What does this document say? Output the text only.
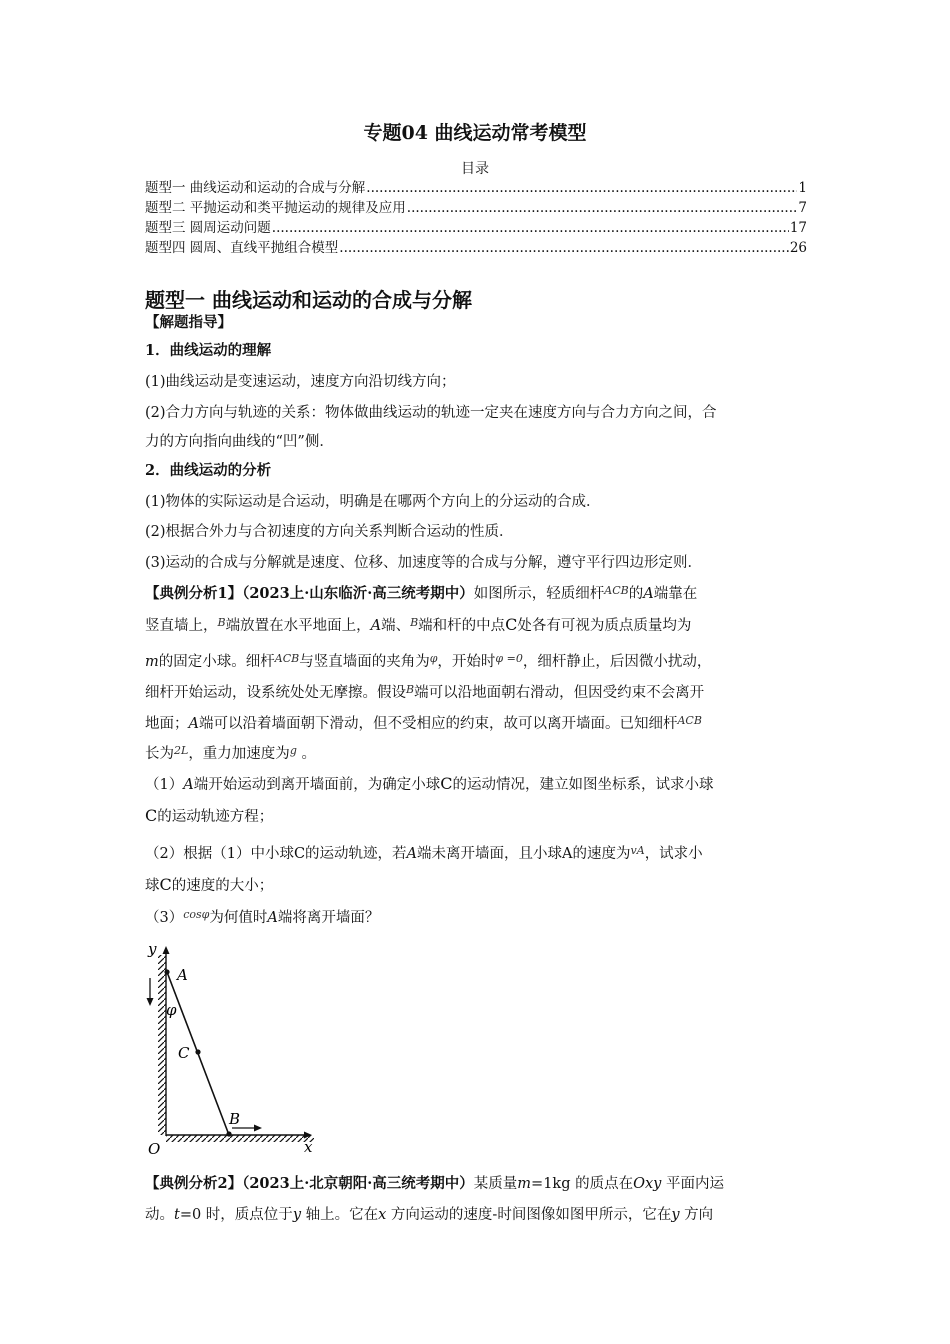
专题04 曲线运动常考模型
目录
题型一 曲线运动和运动的合成与分解 .....	1
题型二 平抛运动和类平抛运动的规律及应用 .....	7
题型三 圆周运动问题 .....	17
题型四 圆周、直线平抛组合模型 .....	26
题型一 曲线运动和运动的合成与分解
【解题指导】
1．曲线运动的理解
(1)曲线运动是变速运动，速度方向沿切线方向；
(2)合力方向与轨迹的关系：物体做曲线运动的轨迹一定夹在速度方向与合力方向之间，合
力的方向指向曲线的“凹”侧．
2．曲线运动的分析
(1)物体的实际运动是合运动，明确是在哪两个方向上的分运动的合成．
(2)根据合外力与合初速度的方向关系判断合运动的性质．
(3)运动的合成与分解就是速度、位移、加速度等的合成与分解，遵守平行四边形定则．
【典例分析1】（2023上·山东临沂·高三统考期中）如图所示，轻质细杆$^{ACB}$的A端靠在
竖直墙上，$^B$端放置在水平地面上，A端、$^B$端和杆的中点C处各有可视为质点质量均为
m的固定小球。细杆$^{ACB}$与竖直墙面的夹角为$^\varphi$，开始时$^{\varphi =0}$，细杆静止，后因微小扰动，
细杆开始运动，设系统处处无摩擦。假设$^B$端可以沿地面朝右滑动，但因受约束不会离开
地面；A端可以沿着墙面朝下滑动，但不受相应的约束，故可以离开墙面。已知细杆$^{ACB}$
长为$^{2L}$，重力加速度为$^g$ 。
（1）A端开始运动到离开墙面前，为确定小球C的运动情况，建立如图坐标系，试求小球
C的运动轨迹方程；
（2）根据（1）中小球C的运动轨迹，若A端未离开墙面，且小球A的速度为$^{vA}$，试求小
球C的速度的大小；
$(3)^{cos\varphi}$为何值时A端将离开墙面？
y
x
O
A
φ
C
B
【典例分析2】（2023上·北京朝阳·高三统考期中）某质量m=1kg 的质点在Oxy 平面内运
动。t=0 时，质点位于y 轴上。它在x 方向运动的速度-时间图像如图甲所示，它在y 方向
